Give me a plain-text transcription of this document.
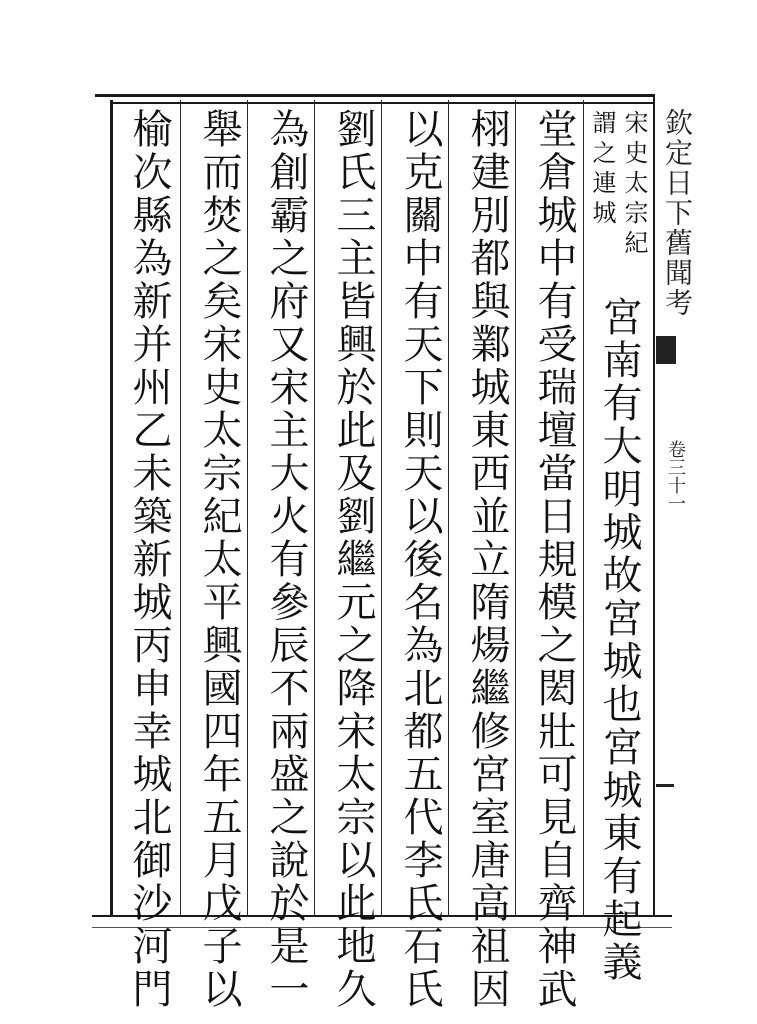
欽定日下舊聞考
卷三十一
宋史太宗紀
謂之連城
宮南有大明城故宮城也宮城東有起義
堂倉城中有受瑞壇當日規模之閎壯可見自齊神武
栩建別都與鄴城東西並立隋煬繼修宮室唐高祖因
以克關中有天下則天以後名為北都五代李氏石氏
劉氏三主皆興於此及劉繼元之降宋太宗以此地久
為創霸之府又宋主大火有參辰不兩盛之說於是一
舉而焚之矣宋史太宗紀太平興國四年五月戊子以
榆次縣為新并州乙未築新城丙申幸城北御沙河門
